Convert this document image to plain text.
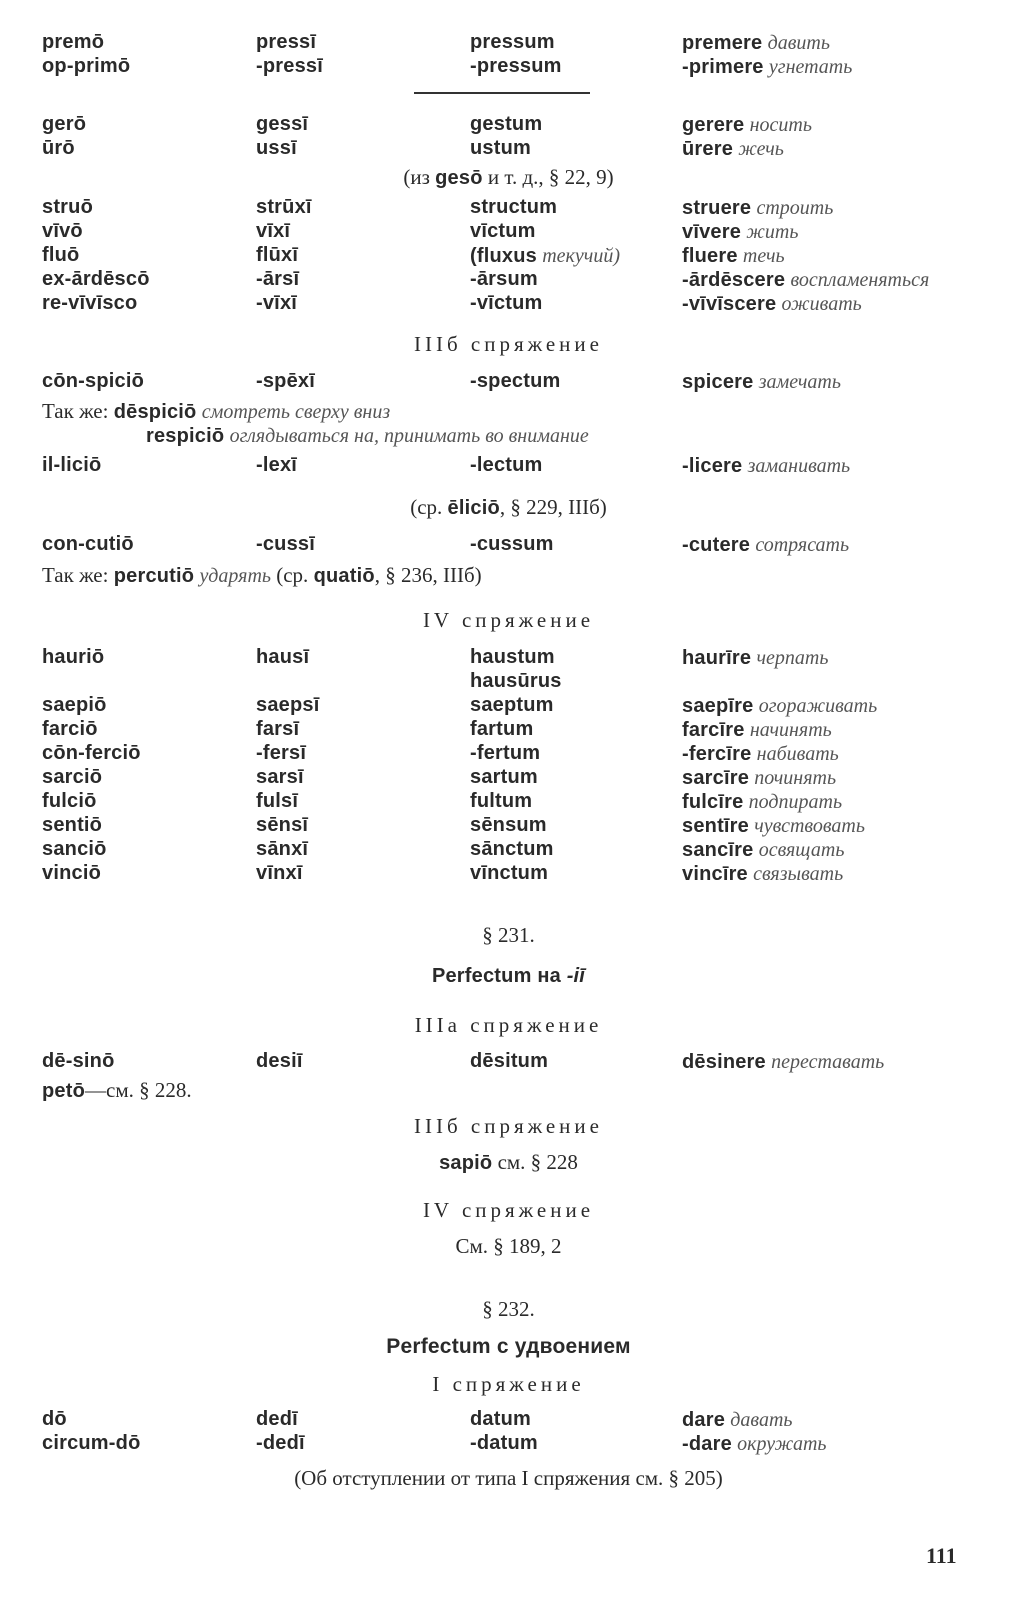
premō	pressī	pressum	premere давить
op-primō	-pressī	-pressum	-primere угнетать
gerō	gessī	gestum	gerere носить
ūrō	ussī	ustum	ūrere жечь
(из gesō и т. д., § 22, 9)
struō	strūxī	structum	struere строить
vīvō	vīxī	vīctum	vīvere жить
fluō	flūxī	(fluxus текучий)	fluere течь
ex-ārdēscō	-ārsī	-ārsum	-ārdēscere воспламеняться
re-vīvīsco	-vīxī	-vīctum	-vīvīscere оживать
IIIб спряжение
cōn-spiciō	-spēxī	-spectum	spicere замечать
Так же: dēspiciō смотреть сверху вниз
respiciō оглядываться на, принимать во внимание
il-liciō	-lexī	-lectum	-licere заманивать
(ср. ēliciō, § 229, IIIб)
con-cutiō	-cussī	-cussum	-cutere сотрясать
Так же: percutiō ударять (ср. quatiō, § 236, IIIб)
IV спряжение
hauriō	hausī	haustum	haurīre черпать
hausūrus
saepiō	saepsī	saeptum	saepīre огораживать
farciō	farsī	fartum	farcīre начинять
cōn-ferciō	-fersī	-fertum	-fercīre набивать
sarciō	sarsī	sartum	sarcīre починять
fulciō	fulsī	fultum	fulcīre подпирать
sentiō	sēnsī	sēnsum	sentīre чувствовать
sanciō	sānxī	sānctum	sancīre освящать
vinciō	vīnxī	vīnctum	vincīre связывать
§ 231.
Perfectum на -iī
IIIa спряжение
dē-sinō	desiī	dēsitum	dēsinere переставать
petō—см. § 228.
IIIб спряжение
sapiō см. § 228
IV спряжение
См. § 189, 2
§ 232.
Perfectum с удвоением
I спряжение
dō	dedī	datum	dare давать
circum-dō	-dedī	-datum	-dare окружать
(Об отступлении от типа I спряжения см. § 205)
111
